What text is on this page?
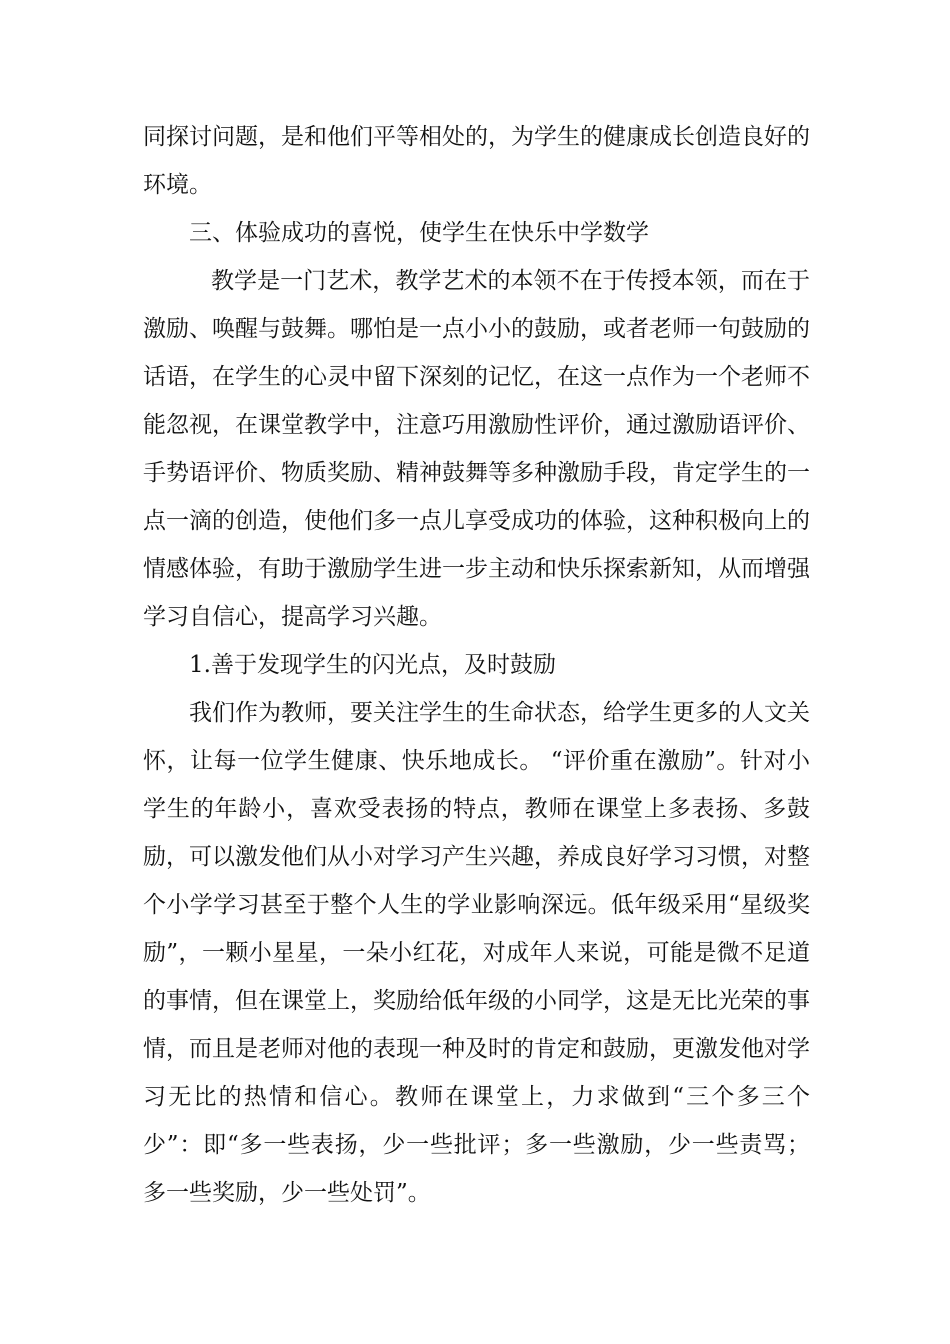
同探讨问题，是和他们平等相处的，为学生的健康成长创造良好的环境。

三、体验成功的喜悦，使学生在快乐中学数学

教学是一门艺术，教学艺术的本领不在于传授本领，而在于激励、唤醒与鼓舞。哪怕是一点小小的鼓励，或者老师一句鼓励的话语，在学生的心灵中留下深刻的记忆，在这一点作为一个老师不能忽视，在课堂教学中，注意巧用激励性评价，通过激励语评价、手势语评价、物质奖励、精神鼓舞等多种激励手段，肯定学生的一点一滴的创造，使他们多一点儿享受成功的体验，这种积极向上的情感体验，有助于激励学生进一步主动和快乐探索新知，从而增强学习自信心，提高学习兴趣。

1.善于发现学生的闪光点，及时鼓励

我们作为教师，要关注学生的生命状态，给学生更多的人文关怀，让每一位学生健康、快乐地成长。 “评价重在激励”。针对小学生的年龄小，喜欢受表扬的特点，教师在课堂上多表扬、多鼓励，可以激发他们从小对学习产生兴趣，养成良好学习习惯，对整个小学学习甚至于整个人生的学业影响深远。低年级采用“星级奖励”，一颗小星星，一朵小红花，对成年人来说，可能是微不足道的事情，但在课堂上，奖励给低年级的小同学，这是无比光荣的事情，而且是老师对他的表现一种及时的肯定和鼓励，更激发他对学习无比的热情和信心。教师在课堂上，力求做到“三个多三个少”：即“多一些表扬，少一些批评；多一些激励，少一些责骂；多一些奖励，少一些处罚”。
